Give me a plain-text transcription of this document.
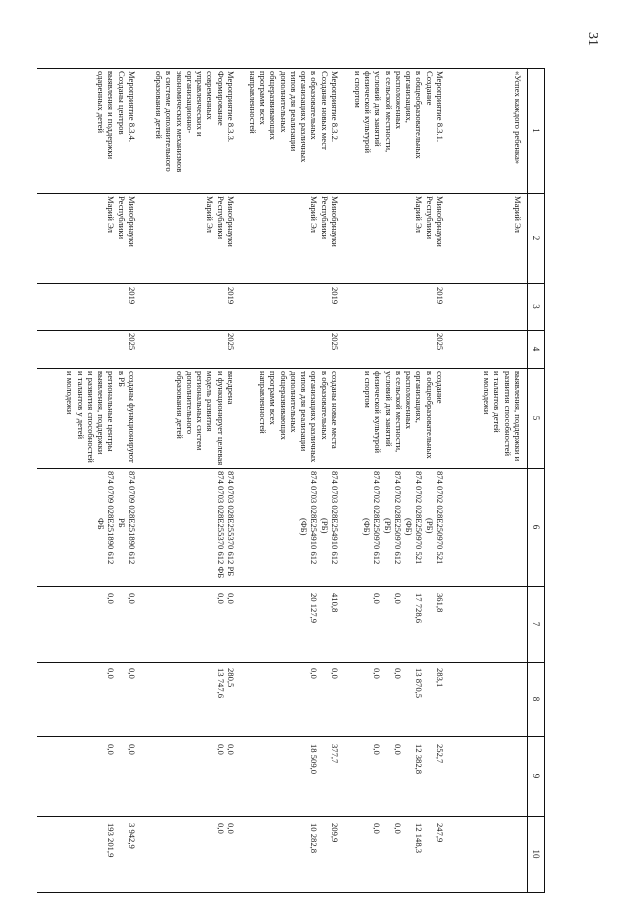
31
1
2
3
4
5
6
7
8
9
10
«Успех каждого ребенка»
Марий Эл
выявления, поддержки и
развития способностей
и талантов детей
и молодежи
Мероприятие 8.3.1.
Создание
в общеобразовательных
организациях,
расположенных
в сельской местности,
условий для занятий
физической культурой
и спортом
Минобрнауки
Республики
Марий Эл
2019
2025
создание
в общеобразовательных
организациях,
расположенных
в сельской местности,
условий для занятий
физической культурой
и спортом
874 0702 028E250970 521
(РБ)
874 0702 028E250970 521
(ФБ)
874 0702 028E250970 612
(РБ)
874 0702 028E250970 612
(ФБ)
361,8
17 728,6
0,0
0,0
283,1
13 870,5
0,0
0,0
252,7
12 382,8
0,0
0,0
247,9
12 148,3
0,0
0,0
Мероприятие 8.3.2.
Создание новых мест
в образовательных
организациях различных
типов для реализации
дополнительных
общеразвивающих
программ всех
направленностей
Минобрнауки
Республики
Марий Эл
2019
2025
созданы новые места
в образовательных
организациях различных
типов для реализации
дополнительных
общеразвивающих
программ всех
направленностей
874 0703 028E254910 612
(РБ)
874 0703 028E254910 612
(ФБ)
410,8
20 127,9
0,0
0,0
377,7
18 509,0
209,9
10 282,8
Мероприятие 8.3.3.
Формирование
современных
управленческих и
организационно-
экономических механизмов
в системе дополнительного
образования детей
Минобрнауки
Республики
Марий Эл
2019
2025
внедрена
и функционирует целевая
модель развития
региональных систем
дополнительного
образования детей
874 0703 028E255370 612 РБ
874 0703 028E255370 612 ФБ
0,0
0,0
280,5
13 747,6
0,0
0,0
0,0
0,0
Мероприятие 8.3.4.
Созданы центров
выявления и поддержки
одаренных детей
Минобрнауки
Республики
Марий Эл
2019
2025
созданы функционируют
в РБ
региональные центры
выявления, поддержки
и развития способностей
и талантов у детей
и молодежи
874 0709 028E251890 612
РБ
874 0709 028E251890 612
ФБ
0,0
0,0
0,0
0,0
0,0
0,0
3 942,9
193 201,9
